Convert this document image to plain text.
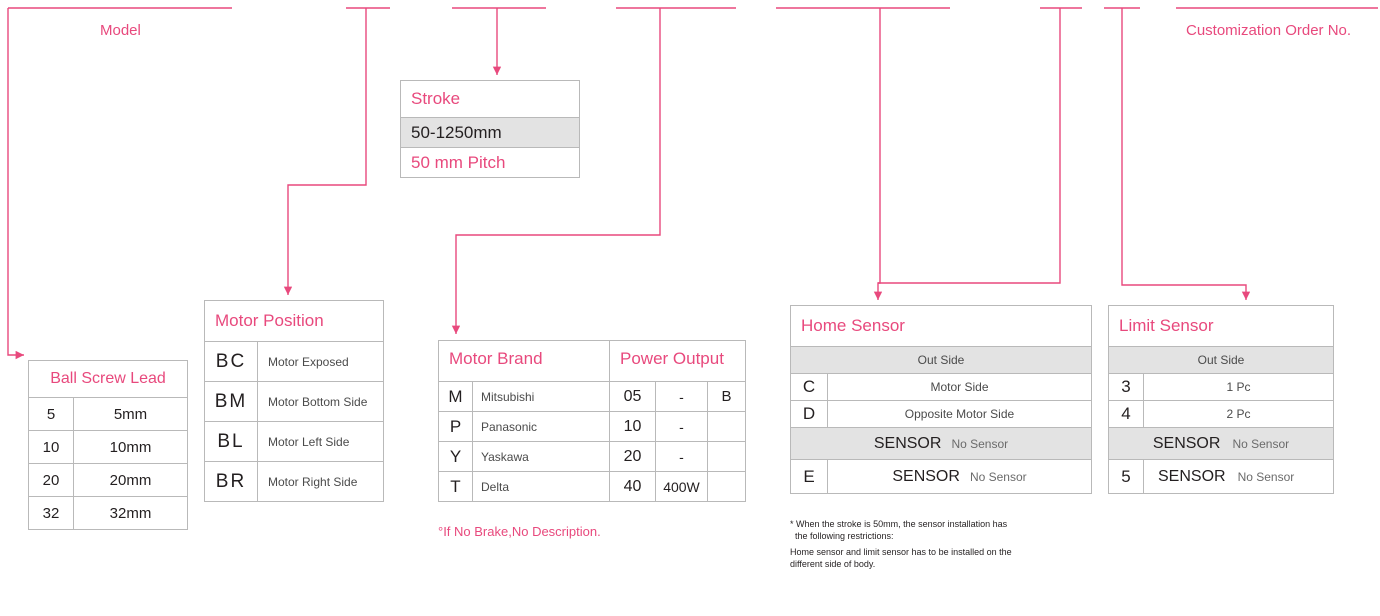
Model	Customization Order No.
Stroke
50-1250mm
50 mm Pitch
Ball Screw Lead
5	5mm
10	10mm
20	20mm
32	32mm
Motor Position
BC	Motor Exposed
BM	Motor Bottom Side
BL	Motor Left Side
BR	Motor Right Side
Motor Brand	Power Output
M	Mitsubishi	05	-	B
P	Panasonic	10	-
Y	Yaskawa	20	-
T	Delta	40	400W
°If No Brake,No Description.
Home Sensor
Out Side
C	Motor Side
D	Opposite Motor Side
SENSOR No Sensor
E	SENSOR No Sensor
* When the stroke is 50mm, the sensor installation has
the following restrictions:
Home sensor and limit sensor has to be installed on the
different side of body.
Limit Sensor
Out Side
3	1 Pc
4	2 Pc
SENSOR No Sensor
5	SENSOR No Sensor
